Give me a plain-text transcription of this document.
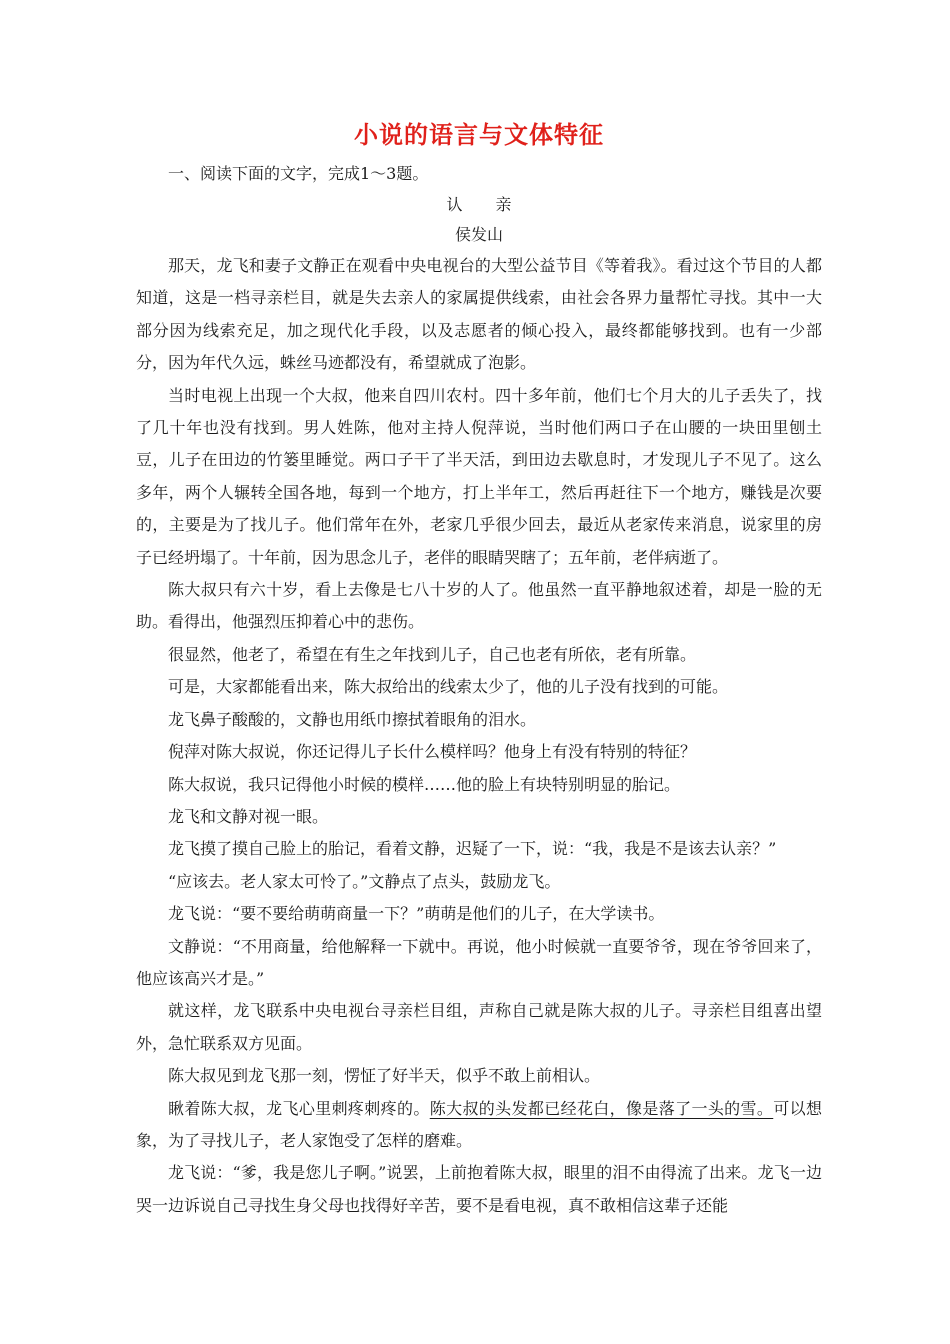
小说的语言与文体特征

一、阅读下面的文字，完成1～3题。

认 亲

侯发山

那天，龙飞和妻子文静正在观看中央电视台的大型公益节目《等着我》。看过这个节目的人都知道，这是一档寻亲栏目，就是失去亲人的家属提供线索，由社会各界力量帮忙寻找。其中一大部分因为线索充足，加之现代化手段，以及志愿者的倾心投入，最终都能够找到。也有一少部分，因为年代久远，蛛丝马迹都没有，希望就成了泡影。

当时电视上出现一个大叔，他来自四川农村。四十多年前，他们七个月大的儿子丢失了，找了几十年也没有找到。男人姓陈，他对主持人倪萍说，当时他们两口子在山腰的一块田里刨土豆，儿子在田边的竹篓里睡觉。两口子干了半天活，到田边去歇息时，才发现儿子不见了。这么多年，两个人辗转全国各地，每到一个地方，打上半年工，然后再赶往下一个地方，赚钱是次要的，主要是为了找儿子。他们常年在外，老家几乎很少回去，最近从老家传来消息，说家里的房子已经坍塌了。十年前，因为思念儿子，老伴的眼睛哭瞎了；五年前，老伴病逝了。

陈大叔只有六十岁，看上去像是七八十岁的人了。他虽然一直平静地叙述着，却是一脸的无助。看得出，他强烈压抑着心中的悲伤。

很显然，他老了，希望在有生之年找到儿子，自己也老有所依，老有所靠。

可是，大家都能看出来，陈大叔给出的线索太少了，他的儿子没有找到的可能。

龙飞鼻子酸酸的，文静也用纸巾擦拭着眼角的泪水。

倪萍对陈大叔说，你还记得儿子长什么模样吗？他身上有没有特别的特征？

陈大叔说，我只记得他小时候的模样……他的脸上有块特别明显的胎记。

龙飞和文静对视一眼。

龙飞摸了摸自己脸上的胎记，看着文静，迟疑了一下，说：“我，我是不是该去认亲？”

“应该去。老人家太可怜了。”文静点了点头，鼓励龙飞。

龙飞说：“要不要给萌萌商量一下？”萌萌是他们的儿子，在大学读书。

文静说：“不用商量，给他解释一下就中。再说，他小时候就一直要爷爷，现在爷爷回来了，他应该高兴才是。”

就这样，龙飞联系中央电视台寻亲栏目组，声称自己就是陈大叔的儿子。寻亲栏目组喜出望外，急忙联系双方见面。

陈大叔见到龙飞那一刻，愣怔了好半天，似乎不敢上前相认。

瞅着陈大叔，龙飞心里刺疼刺疼的。陈大叔的头发都已经花白，像是落了一头的雪。可以想象，为了寻找儿子，老人家饱受了怎样的磨难。

龙飞说：“爹，我是您儿子啊。”说罢，上前抱着陈大叔，眼里的泪不由得流了出来。龙飞一边哭一边诉说自己寻找生身父母也找得好辛苦，要不是看电视，真不敢相信这辈子还能
